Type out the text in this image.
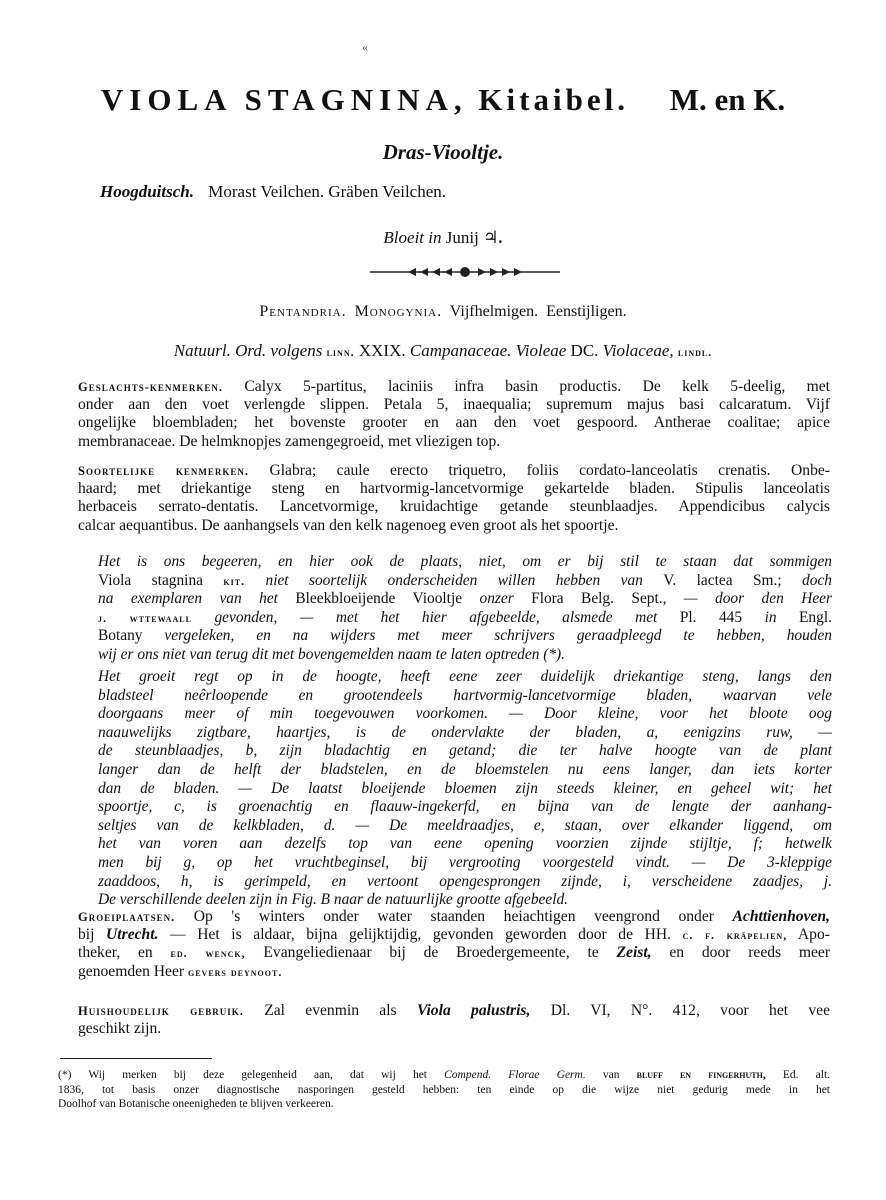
«
VIOLA STAGNINA, Kitaibel. M. en K.
Dras-Viooltje.
Hoogduitsch. Morast Veilchen. Gräben Veilchen.
Bloeit in Junij ♃.
Pentandria. Monogynia. Vijfhelmigen. Eenstijligen.
Natuurl. Ord. volgens linn. XXIX. Campanaceae. Violeae DC. Violaceae, lindl.
Geslachts-kenmerken. Calyx 5-partitus, laciniis infra basin productis. De kelk 5-deelig, met
onder aan den voet verlengde slippen. Petala 5, inaequalia; supremum majus basi calcaratum. Vijf
ongelijke bloembladen; het bovenste grooter en aan den voet gespoord. Antherae coalitae; apice
membranaceae. De helmknopjes zamengegroeid, met vliezigen top.
Soortelijke kenmerken. Glabra; caule erecto triquetro, foliis cordato-lanceolatis crenatis. Onbe-
haard; met driekantige steng en hartvormig-lancetvormige gekartelde bladen. Stipulis lanceolatis
herbaceis serrato-dentatis. Lancetvormige, kruidachtige getande steunblaadjes. Appendicibus calycis
calcar aequantibus. De aanhangsels van den kelk nagenoeg even groot als het spoortje.
Het is ons begeeren, en hier ook de plaats, niet, om er bij stil te staan dat sommigen
Viola stagnina kit. niet soortelijk onderscheiden willen hebben van V. lactea Sm.; doch
na exemplaren van het Bleekbloeijende Viooltje onzer Flora Belg. Sept., — door den Heer
j. wttewaall gevonden, — met het hier afgebeelde, alsmede met Pl. 445 in Engl.
Botany vergeleken, en na wijders met meer schrijvers geraadpleegd te hebben, houden
wij er ons niet van terug dit met bovengemelden naam te laten optreden (*).
Het groeit regt op in de hoogte, heeft eene zeer duidelijk driekantige steng, langs den
bladsteel neêrloopende en grootendeels hartvormig-lancetvormige bladen, waarvan vele
doorgaans meer of min toegevouwen voorkomen. — Door kleine, voor het bloote oog
naauwelijks zigtbare, haartjes, is de ondervlakte der bladen, a, eenigzins ruw, —
de steunblaadjes, b, zijn bladachtig en getand; die ter halve hoogte van de plant
langer dan de helft der bladstelen, en de bloemstelen nu eens langer, dan iets korter
dan de bladen. — De laatst bloeijende bloemen zijn steeds kleiner, en geheel wit; het
spoortje, c, is groenachtig en flaauw-ingekerfd, en bijna van de lengte der aanhang-
seltjes van de kelkbladen, d. — De meeldraadjes, e, staan, over elkander liggend, om
het van voren aan dezelfs top van eene opening voorzien zijnde stijltje, f; hetwelk
men bij g, op het vruchtbeginsel, bij vergrooting voorgesteld vindt. — De 3-kleppige
zaaddoos, h, is gerimpeld, en vertoont opengesprongen zijnde, i, verscheidene zaadjes, j.
De verschillende deelen zijn in Fig. B naar de natuurlijke grootte afgebeeld.
Groeiplaatsen. Op 's winters onder water staanden heiachtigen veengrond onder Achttienhoven,
bij Utrecht. — Het is aldaar, bijna gelijktijdig, gevonden geworden door de HH. c. f. kräpelien, Apo-
theker, en ed. wenck, Evangeliedienaar bij de Broedergemeente, te Zeist, en door reeds meer
genoemden Heer gevers deynoot.
Huishoudelijk gebruik. Zal evenmin als Viola palustris, Dl. VI, N°. 412, voor het vee
geschikt zijn.
(*) Wij merken bij deze gelegenheid aan, dat wij het Compend. Florae Germ. van bluff en fingerhuth, Ed. alt.
1836, tot basis onzer diagnostische nasporingen gesteld hebben: ten einde op die wijze niet gedurig mede in het
Doolhof van Botanische oneenigheden te blijven verkeeren.
